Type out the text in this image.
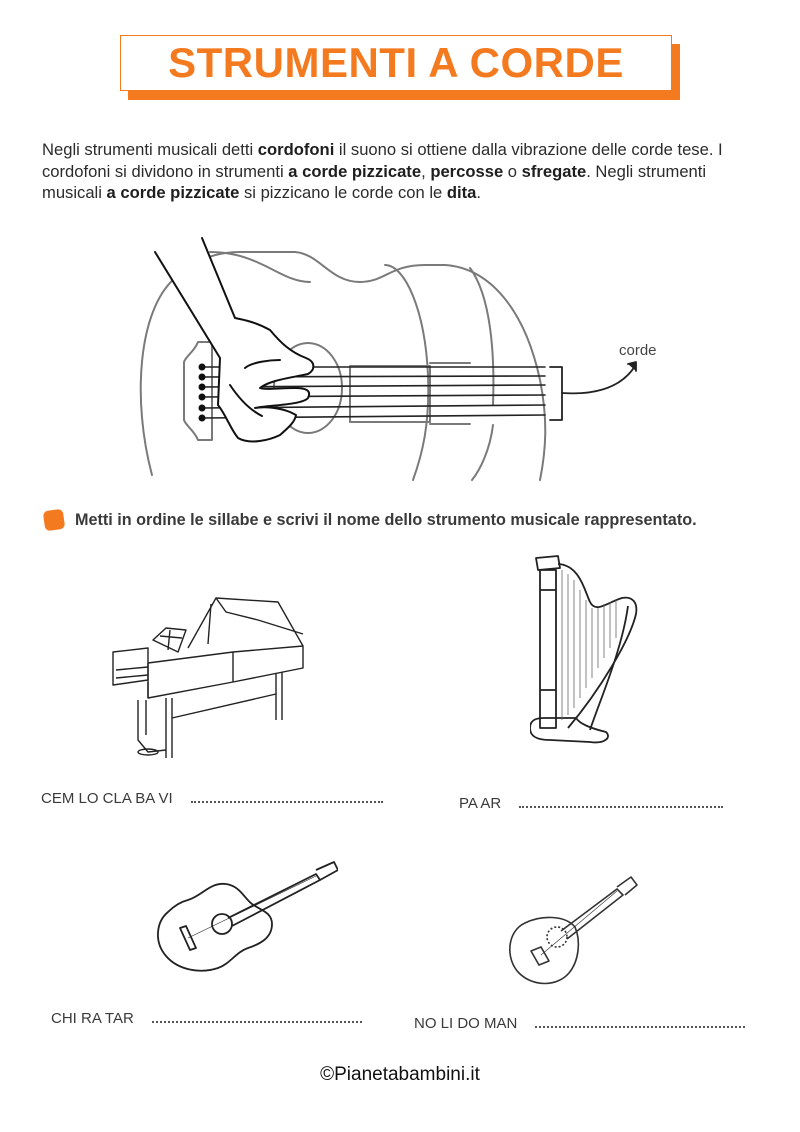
STRUMENTI A CORDE
Negli strumenti musicali detti cordofoni il suono si ottiene dalla vibrazione delle corde tese. I cordofoni si dividono in strumenti a corde pizzicate, percosse o sfregate. Negli strumenti musicali a corde pizzicate si pizzicano le corde con le dita.
corde
Metti in ordine le sillabe e scrivi il nome dello strumento musicale rappresentato.
CEM LO CLA BA VI	PA AR
CHI RA TAR	NO LI DO MAN
©Pianetabambini.it
